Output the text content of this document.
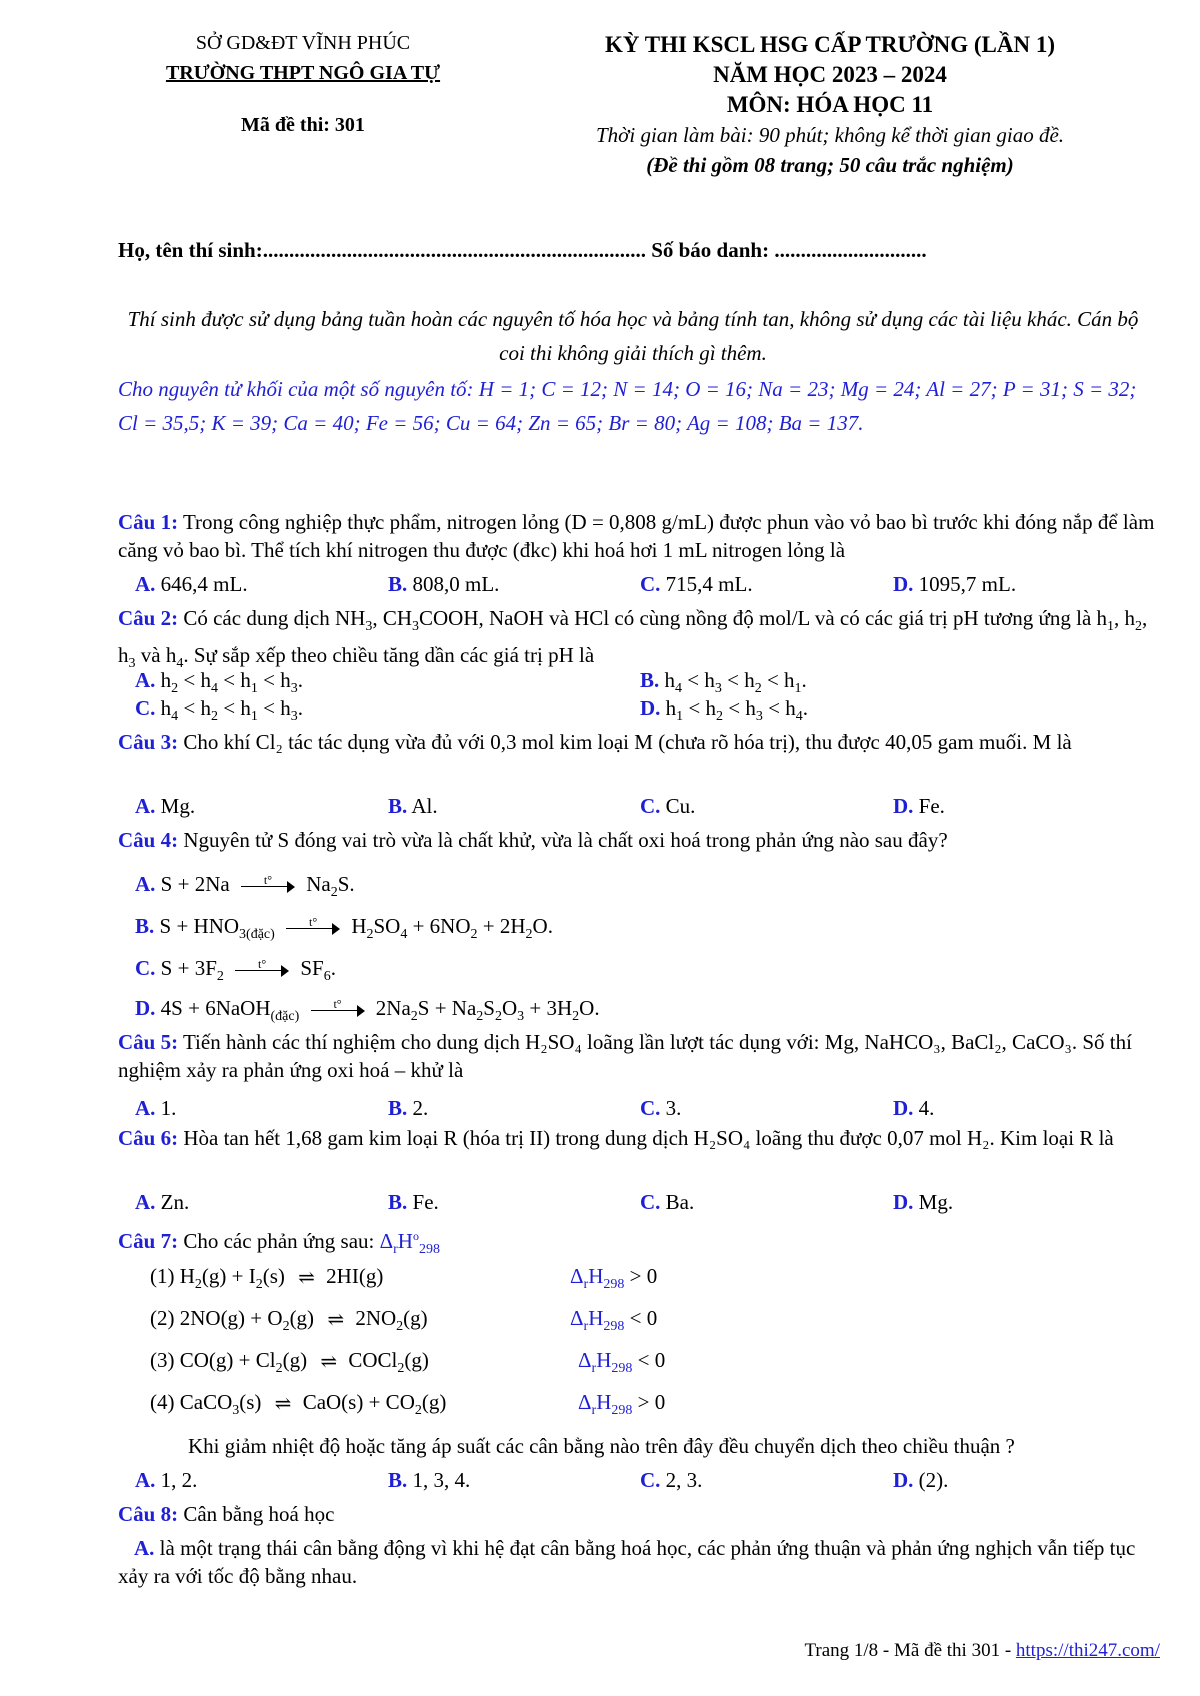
SỞ GD&ĐT VĨNH PHÚC
TRƯỜNG THPT NGÔ GIA TỰ
Mã đề thi: 301
KỲ THI KSCL HSG CẤP TRƯỜNG (LẦN 1)
NĂM HỌC 2023 – 2024
MÔN: HÓA HỌC 11
Thời gian làm bài: 90 phút; không kể thời gian giao đề.
(Đề thi gồm 08 trang; 50 câu trắc nghiệm)
Họ, tên thí sinh:......................................................................... Số báo danh: .............................
Thí sinh được sử dụng bảng tuần hoàn các nguyên tố hóa học và bảng tính tan, không sử dụng các tài liệu khác. Cán bộ coi thi không giải thích gì thêm.
Cho nguyên tử khối của một số nguyên tố: H = 1; C = 12; N = 14; O = 16; Na = 23; Mg = 24; Al = 27; P = 31; S = 32; Cl = 35,5; K = 39; Ca = 40; Fe = 56; Cu = 64; Zn = 65; Br = 80; Ag = 108; Ba = 137.
Câu 1: Trong công nghiệp thực phẩm, nitrogen lỏng (D = 0,808 g/mL) được phun vào vỏ bao bì trước khi đóng nắp để làm căng vỏ bao bì. Thể tích khí nitrogen thu được (đkc) khi hoá hơi 1 mL nitrogen lỏng là
A. 646,4 mL.	B. 808,0 mL.	C. 715,4 mL.	D. 1095,7 mL.
Câu 2: Có các dung dịch $NH_3$, $CH_3COOH$, NaOH và HCl có cùng nồng độ mol/L và có các giá trị pH tương ứng là $h_1$, $h_2$, $h_3$ và $h_4$. Sự sắp xếp theo chiều tăng dần các giá trị pH là
A. $h_2 < h_4 < h_1 < h_3$.	B. $h_4 < h_3 < h_2 < h_1$.
C. $h_4 < h_2 < h_1 < h_3$.	D. $h_1 < h_2 < h_3 < h_4$.
Câu 3: Cho khí Cl₂ tác tác dụng vừa đủ với 0,3 mol kim loại M (chưa rõ hóa trị), thu được 40,05 gam muối. M là
A. Mg.	B. Al.	C. Cu.	D. Fe.
Câu 4: Nguyên tử S đóng vai trò vừa là chất khử, vừa là chất oxi hoá trong phản ứng nào sau đây?
A. S + 2Na	t°	$Na_2S$.
B. $S + HNO_{3(đặc)}$
t°	$H_2SO_4 + 6NO_2 + 2H_2O$.
C. $S + 3F_2$
t°	$SF_6$.
D. 4S + 6NaOH$_{(đặc)}$
t°	$2Na_2S + Na_2S_2O_3 + 3H_2O$.
Câu 5: Tiến hành các thí nghiệm cho dung dịch H₂SO₄ loãng lần lượt tác dụng với: Mg, NaHCO₃, BaCl₂, CaCO₃. Số thí nghiệm xảy ra phản ứng oxi hoá – khử là
A. 1.	B. 2.	C. 3.	D. 4.
Câu 6: Hòa tan hết 1,68 gam kim loại R (hóa trị II) trong dung dịch H₂SO₄ loãng thu được 0,07 mol H₂. Kim loại R là
A. Zn.	B. Fe.	C. Ba.	D. Mg.
Câu 7: Cho các phản ứng sau: $\Delta_rH^o_{298}$
(1) $H_2(g) + I_2(s)$ ⇌ 2HI(g)	$\Delta_rH_{298} > 0$
(2) $2NO(g) + O_2(g)$ ⇌ $2NO_2(g)$	$\Delta_rH_{298} < 0$
(3) $CO(g) + Cl_2(g)$ ⇌ COCl$_2$(g)	$\Delta_rH_{298} < 0$
(4) CaCO$_3$(s) ⇌ $CaO(s) + CO_2(g)$	$\Delta_rH_{298} > 0$
Khi giảm nhiệt độ hoặc tăng áp suất các cân bằng nào trên đây đều chuyển dịch theo chiều thuận ?
A. 1, 2.	B. 1, 3, 4.	C. 2, 3.	D. (2).
Câu 8: Cân bằng hoá học
A. là một trạng thái cân bằng động vì khi hệ đạt cân bằng hoá học, các phản ứng thuận và phản ứng nghịch vẫn tiếp tục xảy ra với tốc độ bằng nhau.
Trang 1/8 - Mã đề thi 301 - https://thi247.com/
